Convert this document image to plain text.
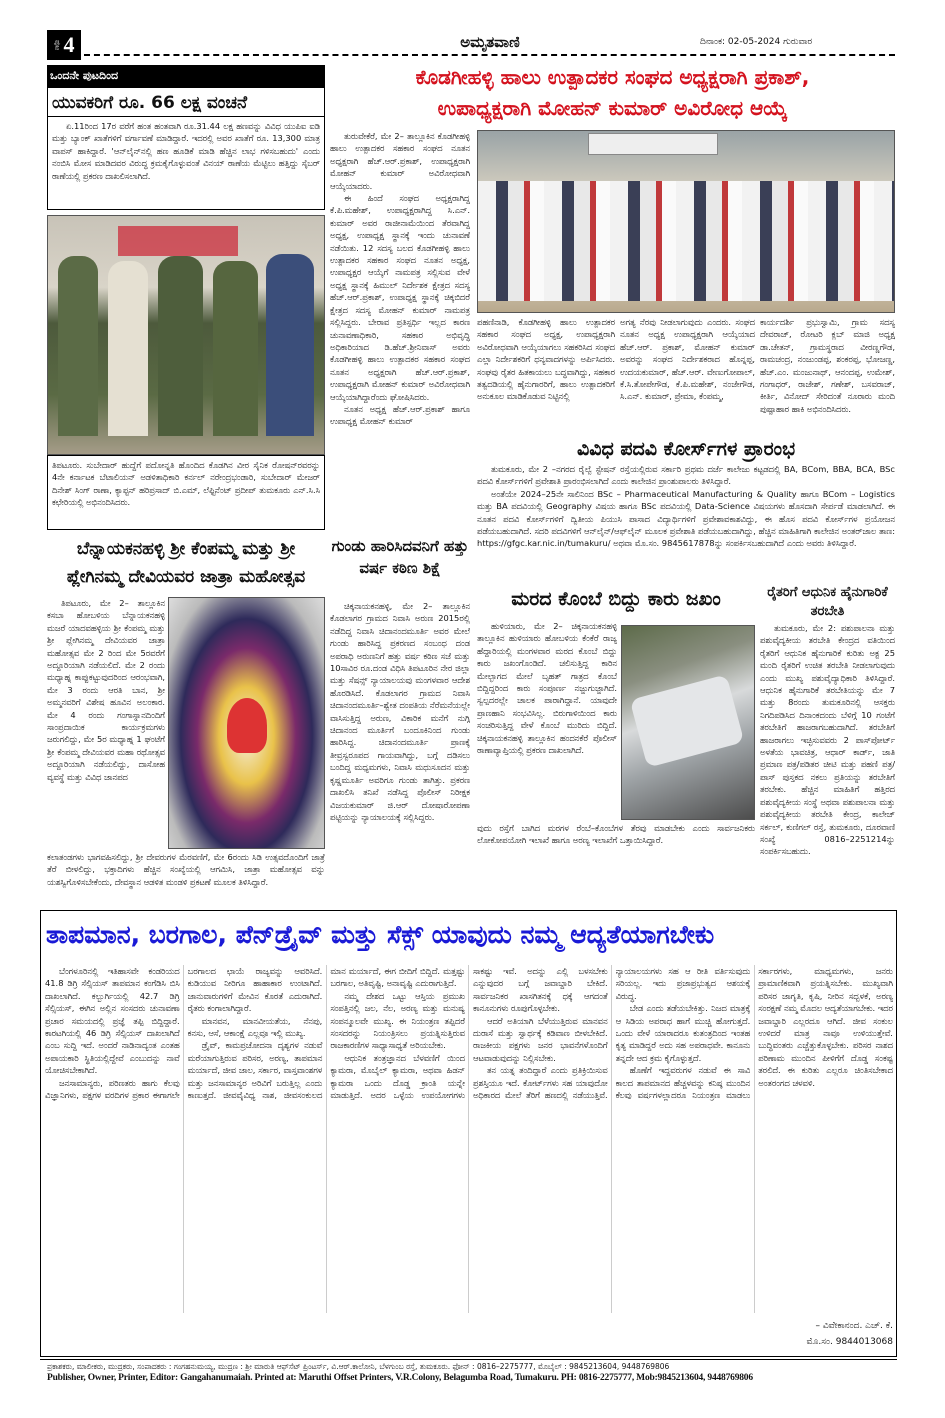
ಪುಟ 4	ಅಮೃತವಾಣಿ	ದಿನಾಂಕ: 02-05-2024 ಗುರುವಾರ
ಒಂದನೇ ಪುಟದಿಂದ
ಯುವಕರಿಗೆ ರೂ. 66 ಲಕ್ಷ ವಂಚನೆ

ಏ.11ರಿಂದ 17ರ ವರೆಗೆ ಹಂತ ಹಂತವಾಗಿ ರೂ.31.44 ಲಕ್ಷ ಹಣವನ್ನು ವಿವಿಧ ಯುಪಿಐ ಐಡಿ ಮತ್ತು ಬ್ಯಾಂಕ್ ಖಾತೆಗಳಿಗೆ ವರ್ಗಾವಣೆ ಮಾಡಿದ್ದಾರೆ. ಇದರಲ್ಲಿ ಅವರ ಖಾತೆಗೆ ರೂ. 13,300 ಮಾತ್ರ ವಾಪಸ್ ಹಾಕಿದ್ದಾರೆ. 'ಆನ್‌ಲೈನ್‌ನಲ್ಲಿ ಹಣ ಹೂಡಿಕೆ ಮಾಡಿ ಹೆಚ್ಚಿನ ಲಾಭ ಗಳಿಸಬಹುದು' ಎಂದು ನಂಬಿಸಿ ಮೋಸ ಮಾಡಿದವರ ವಿರುದ್ಧ ಕ್ರಮಕೈಗೊಳ್ಳುವಂತೆ ವಿನಯ್ ಠಾಣೆಯ ಮೆಟ್ಟಿಲು ಹತ್ತಿದ್ದು ಸೈಬರ್ ಠಾಣೆಯಲ್ಲಿ ಪ್ರಕರಣ ದಾಖಲಿಸಲಾಗಿದೆ.

ತಿಪಟೂರು. ಸುಬೇದಾರ್ ಹುದ್ದೆಗೆ ಪದೋನ್ನತಿ ಹೊಂದಿದ ಕೊಡಗಿನ ವೀರ ಸೈನಿಕ ರೋಷನ್‌ರವರನ್ನು 4ನೇ ಕರ್ನಾಟಕ ಬೆಟಾಲಿಯನ್ ಅಡಳಿತಾಧಿಕಾರಿ ಕರ್ನಲ್ ನರೇಂದ್ರಭಂಡಾರಿ, ಸುಬೇದಾರ್ ಮೇಜರ್ ದಿನೇಶ್ ಸಿಂಗ್ ರಾಣಾ, ಕ್ಯಾಪ್ಟನ್ ಹರಿಪ್ರಸಾದ್ ಬಿ.ಎಮ್, ಲೆಫ್ಟಿನೆಂಟ್ ಪ್ರದೀಪ್ ತುಮಕೂರು ಎನ್.ಸಿ.ಸಿ ಕಛೇರಿಯಲ್ಲಿ ಅಭಿನಂದಿಸಿದರು.

ಬೆನ್ನಾಯಕನಹಳ್ಳಿ ಶ್ರೀ ಕೆಂಪಮ್ಮ ಮತ್ತು ಶ್ರೀ ಪ್ಲೇಗಿನಮ್ಮ ದೇವಿಯವರ ಜಾತ್ರಾ ಮಹೋತ್ಸವ

ತಿಪಟೂರು, ಮೇ 2– ತಾಲ್ಲೂಕಿನ ಕಸಬಾ ಹೋಬಳಿಯ ಬೆನ್ನಾಯಕನಹಳ್ಳಿ ಮಜರೆ ಯಾದವಹಳ್ಳಿಯ ಶ್ರೀ ಕೆಂಪಮ್ಮ ಮತ್ತು ಶ್ರೀ ಪ್ಲೇಗಿನಮ್ಮ ದೇವಿಯವರ ಜಾತ್ರಾ ಮಹೋತ್ಸವ ಮೇ 2 ರಿಂದ ಮೇ 5ರವರೆಗೆ ಅದ್ದೂರಿಯಾಗಿ ನಡೆಯಲಿದೆ. ಮೇ 2 ರಂದು ಮಧ್ಯಾಹ್ನ ಕಾಪ್ಪುಕಟ್ಟುವುದರಿಂದ ಆರಂಭವಾಗಿ, ಮೇ 3 ರಂದು ಆರತಿ ಬಾನ, ಶ್ರೀ ಅಮ್ಮನವರಿಗೆ ವಿಶೇಷ ಹೂವಿನ ಅಲಂಕಾರ. ಮೇ 4 ರಂದು ಗಂಗಾಸ್ನಾನದಿಂದಿಗೆ ಸಾಂಪ್ರದಾಯಿಕ ಕಾರ್ಯಕ್ರಮಗಳು ಜರುಗಲಿದ್ದು, ಮೇ 5ರ ಮಧ್ಯಾಹ್ನ 1 ಘಂಟೆಗೆ ಶ್ರೀ ಕೆಂಪಮ್ಮ ದೇವಿಯವರ ಮಹಾ ರಥೋತ್ಸವ ಅದ್ದೂರಿಯಾಗಿ ನಡೆಯಲಿದ್ದು, ದಾಸೋಹ ವ್ಯವಸ್ಥೆ ಮತ್ತು ವಿವಿಧ ಜಾನಪದ

ಕಲಾತಂಡಗಳು ಭಾಗವಹಿಸಲಿದ್ದು, ಶ್ರೀ ದೇವರುಗಳ ಮೆರವಣಿಗೆ, ಮೇ 6ರಂದು ಸಿಡಿ ಉತ್ಸವದೊಂದಿಗೆ ಜಾತ್ರೆ ತೆರೆ ಬೀಳಲಿದ್ದು, ಭಕ್ತಾದಿಗಳು ಹೆಚ್ಚಿನ ಸಂಖ್ಯೆಯಲ್ಲಿ ಆಗಮಿಸಿ, ಜಾತ್ರಾ ಮಹೋತ್ಸವ ವನ್ನು ಯಶಸ್ವಿಗೊಳಿಸಬೇಕೆಂದು, ದೇವಸ್ಥಾನ ಆಡಳಿತ ಮಂಡಳಿ ಪ್ರಕಟಣೆ ಮೂಲಕ ತಿಳಿಸಿದ್ದಾರೆ.

ಕೊಡಗೀಹಳ್ಳಿ ಹಾಲು ಉತ್ಪಾದಕರ ಸಂಘದ ಅಧ್ಯಕ್ಷರಾಗಿ ಪ್ರಕಾಶ್,
ಉಪಾಧ್ಯಕ್ಷರಾಗಿ ಮೋಹನ್ ಕುಮಾರ್ ಅವಿರೋಧ ಆಯ್ಕೆ

ತುರುವೇಕೆರೆ, ಮೇ 2– ತಾಲ್ಲೂಕಿನ ಕೊಡಗೀಹಳ್ಳಿ ಹಾಲು ಉತ್ಪಾದಕರ ಸಹಕಾರ ಸಂಘದ ನೂತನ ಅಧ್ಯಕ್ಷರಾಗಿ ಹೆಚ್.ಆರ್.ಪ್ರಕಾಶ್, ಉಪಾಧ್ಯಕ್ಷರಾಗಿ ಮೋಹನ್ ಕುಮಾರ್ ಅವಿರೋಧವಾಗಿ ಆಯ್ಕೆಯಾದರು.

ಈ ಹಿಂದೆ ಸಂಘದ ಅಧ್ಯಕ್ಷರಾಗಿದ್ದ ಕೆ.ಪಿ.ಮಹೇಶ್, ಉಪಾಧ್ಯಕ್ಷರಾಗಿದ್ದ ಸಿ.ಎನ್. ಕುಮಾರ್ ಅವರ ರಾಜೀನಾಮೆಯಿಂದ ತೆರವಾಗಿದ್ದ ಅಧ್ಯಕ್ಷ, ಉಪಾಧ್ಯಕ್ಷ ಸ್ಥಾನಕ್ಕೆ ಇಂದು ಚುನಾವಣೆ ನಡೆಯಿತು. 12 ಸದಸ್ಯ ಬಲದ ಕೊಡಗೀಹಳ್ಳಿ ಹಾಲು ಉತ್ಪಾದಕರ ಸಹಕಾರ ಸಂಘದ ನೂತನ ಅಧ್ಯಕ್ಷ, ಉಪಾಧ್ಯಕ್ಷರ ಆಯ್ಕೆಗೆ ನಾಮಪತ್ರ ಸಲ್ಲಿಸುವ ವೇಳೆ ಅಧ್ಯಕ್ಷ ಸ್ಥಾನಕ್ಕೆ ಹಿಮುಲ್ ನಿರ್ದೇಶಕ ಕ್ಷೇತ್ರದ ಸದಸ್ಯ ಹೆಚ್.ಆರ್.ಪ್ರಕಾಶ್, ಉಪಾಧ್ಯಕ್ಷ ಸ್ಥಾನಕ್ಕೆ ಚಿಕ್ಕಬಿದರೆ ಕ್ಷೇತ್ರದ ಸದಸ್ಯ ಮೋಹನ್ ಕುಮಾರ್ ನಾಮಪತ್ರ ಸಲ್ಲಿಸಿದ್ದರು. ಬೇರಾವ ಪ್ರತಿಸ್ಪರ್ಧಿ ಇಲ್ಲದ ಕಾರಣ ಚುನಾವಣಾಧಿಕಾರಿ, ಸಹಕಾರ ಅಭಿವೃದ್ಧಿ ಅಧಿಕಾರಿಯಾದ ಡಿ.ಹೆಚ್.ಶ್ರೀನಿವಾಸ್ ಅವರು ಕೊಡಗೀಹಳ್ಳಿ ಹಾಲು ಉತ್ಪಾದಕರ ಸಹಕಾರ ಸಂಘದ ನೂತನ ಅಧ್ಯಕ್ಷರಾಗಿ ಹೆಚ್.ಆರ್.ಪ್ರಕಾಶ್, ಉಪಾಧ್ಯಕ್ಷರಾಗಿ ಮೋಹನ್ ಕುಮಾರ್ ಅವಿರೋಧವಾಗಿ ಆಯ್ಕೆಯಾಗಿದ್ದಾರೆಂದು ಘೋಷಿಸಿದರು.

ನೂತನ ಅಧ್ಯಕ್ಷ ಹೆಚ್.ಆರ್.ಪ್ರಕಾಶ್ ಹಾಗೂ ಉಪಾಧ್ಯಕ್ಷ ಮೋಹನ್ ಕುಮಾರ್

ಗುಂಡು ಹಾರಿಸಿದವನಿಗೆ ಹತ್ತು ವರ್ಷ ಕಠಿಣ ಶಿಕ್ಷೆ

ಚಿಕ್ಕನಾಯಕನಹಳ್ಳಿ, ಮೇ 2– ತಾಲ್ಲೂಕಿನ ಕೊಡಲಾಗರ ಗ್ರಾಮದ ನಿವಾಸಿ ಅರುಣ 2015ರಲ್ಲಿ ನಡೆದಿದ್ದ ನಿವಾಸಿ ಚಿದಾನಂದಮೂರ್ತಿ ಅವರ ಮೇಲೆ ಗುಂಡು ಹಾರಿಸಿದ್ದ ಪ್ರಕರಣದ ಸಂಬಂಧ ದಂಡ ಅಪರಾಧಿ ಅರುಣನಿಗೆ ಹತ್ತು ವರ್ಷ ಕಠಿಣ ಸಜೆ ಮತ್ತು 10ಸಾವಿರ ರೂ.ದಂಡ ವಿಧಿಸಿ ತಿಪಟೂರಿನ ನೇರ ಜಿಲ್ಲಾ ಮತ್ತು ಸೆಷನ್ಸ್ ನ್ಯಾಯಾಲಯವು ಮಂಗಳವಾರ ಆದೇಶ ಹೊರಡಿಸಿದೆ. ಕೊಡಲಾಗರ ಗ್ರಾಮದ ನಿವಾಸಿ ಚಿದಾನಂದಮೂರ್ತಿ–ಶ್ವೇತ ದಂಪತಿಯ ನೆರೆಮನೆಯಲ್ಲೇ ವಾಸಿಸುತ್ತಿದ್ದ ಅರುಣ, ವಿಕಾರಿಕ ಮನೆಗೆ ನುಗ್ಗಿ ಚಿದಾನಂದ ಮೂರ್ತಿಗೆ ಬಂದೂಕಿನಿಂದ ಗುಂಡು ಹಾರಿಸಿದ್ದ. ಚಿದಾನಂದಮೂರ್ತಿ ಪ್ರಾಣಕ್ಕೆ ತೀವ್ರಸ್ವರೂಪದ ಗಾಯವಾಗಿದ್ದು, ಬಗ್ಗೆ ದಡಿಸಲು ಬಂದಿದ್ದ ಮಧ್ಯಮಗಳು, ನಿವಾಸಿ ಮಧುಸೂದನ ಮತ್ತು ಕೃಷ್ಣಮೂರ್ತಿ ಅವರಿಗೂ ಗುಂಡು ತಾಗಿತ್ತು. ಪ್ರಕರಣ ದಾಖಲಿಸಿ ತನಿಖೆ ನಡೆಸಿದ್ದ ಪೊಲೀಸ್ ನಿರೀಕ್ಷಕ ವಿಜಯಕುಮಾರ್ ಜಿ.ಆರ್ ದೋಷಾರೋಪಣಾ ಪಟ್ಟಿಯನ್ನು ನ್ಯಾಯಾಲಯಕ್ಕೆ ಸಲ್ಲಿಸಿದ್ದರು.

ಪಹಣಿನಾಡಿ, ಕೊಡಗೀಹಳ್ಳಿ ಹಾಲು ಉತ್ಪಾದಕರ ಸಹಕಾರ ಸಂಘದ ಅಧ್ಯಕ್ಷ, ಉಪಾಧ್ಯಕ್ಷರಾಗಿ ಅವಿರೋಧವಾಗಿ ಆಯ್ಕೆಯಾಗಲು ಸಹಕರಿಸಿದ ಸಂಘದ ಎಲ್ಲಾ ನಿರ್ದೇಶಕರಿಗೆ ಧನ್ಯವಾದಗಳನ್ನು ಅರ್ಪಿಸಿದರು. ಸಂಘವು ರೈತರ ಹಿತಕಾಯಲು ಬದ್ಧವಾಗಿದ್ದು, ಸಹಕಾರ ತತ್ವದಡಿಯಲ್ಲಿ ಹೈನುಗಾರರಿಗೆ, ಹಾಲು ಉತ್ಪಾದಕರಿಗೆ ಅನುಕೂಲ ಮಾಡಿಕೊಡುವ ನಿಟ್ಟಿನಲ್ಲಿ

ಅಗತ್ಯ ನೆರವು ನೀಡಲಾಗುವುದು ಎಂದರು. ಸಂಘದ ನೂತನ ಅಧ್ಯಕ್ಷ ಉಪಾಧ್ಯಕ್ಷರಾಗಿ ಆಯ್ಕೆಯಾದ ಹೆಚ್.ಆರ್. ಪ್ರಕಾಶ್, ಮೋಹನ್ ಕುಮಾರ್ ಅವರನ್ನು ಸಂಘದ ನಿರ್ದೇಶಕರಾದ ಹೊನ್ನಪ್ಪ, ಉದಯಕುಮಾರ್, ಹೆಚ್.ಆರ್. ವೇಣುಗೋಪಾಲ್, ಕೆ.ಸಿ.ತೋಪೇಗೌಡ, ಕೆ.ಪಿ.ಮಹೇಶ್, ನಂಜೇಗೌಡ, ಸಿ.ಎನ್. ಕುಮಾರ್, ಪ್ರೇಮಾ, ಕೆಂಪಮ್ಮ,

ಕಾರ್ಯದರ್ಶಿ ಪ್ರಭುಸ್ವಾಮಿ, ಗ್ರಾಮ ಸದಸ್ಯ ದೇವರಾಜ್, ರೋಟರಿ ಕ್ಲಬ್ ಮಾಜಿ ಅಧ್ಯಕ್ಷ ಡಾ.ಚೇತನ್, ಗ್ರಾಮಸ್ಥರಾದ ವೀರಣ್ಣಗೌಡ, ರಾಮಚಂದ್ರ, ನಂಜುಂಡಪ್ಪ, ಶಂಕರಪ್ಪ, ಭೋಜಣ್ಣ, ಹೆಚ್.ಎಂ. ಮಂಜುನಾಥ್, ಆನಂದಪ್ಪ, ಉಮೇಶ್, ಗಂಗಾಧರ್, ರಾಜೇಶ್, ಗಣೇಶ್, ಬಸವರಾಜ್, ಕೀರ್ತಿ, ವಿನೋದ್ ಸೇರಿದಂತೆ ನೂರಾರು ಮಂದಿ ಪುಷ್ಪಾಹಾರ ಹಾಕಿ ಅಭಿನಂದಿಸಿದರು.

ವಿವಿಧ ಪದವಿ ಕೋರ್ಸ್‌ಗಳ ಪ್ರಾರಂಭ

ತುಮಕೂರು, ಮೇ 2 –ನಗರದ ರೈಲ್ವೆ ಸ್ಟೇಷನ್ ರಸ್ತೆಯಲ್ಲಿರುವ ಸರ್ಕಾರಿ ಪ್ರಥಮ ದರ್ಜೆ ಕಾಲೇಜು ಕಟ್ಟಡದಲ್ಲಿ BA, BCom, BBA, BCA, BSc ಪದವಿ ಕೋರ್ಸ್‌ಗಳಿಗೆ ಪ್ರವೇಶಾತಿ ಪ್ರಾರಂಭಿಸಲಾಗಿದೆ ಎಂದು ಕಾಲೇಜಿನ ಪ್ರಾಂಶುಪಾಲರು ತಿಳಿಸಿದ್ದಾರೆ.

ಅಂತೆಯೇ 2024–25ನೇ ಸಾಲಿನಿಂದ BSc – Pharmaceutical Manufacturing & Quality ಹಾಗೂ BCom – Logistics ಮತ್ತು BA ಪದವಿಯಲ್ಲಿ Geography ವಿಷಯ ಹಾಗೂ BSc ಪದವಿಯಲ್ಲಿ Data-Science ವಿಷಯಗಳು ಹೊಸದಾಗಿ ಸೇರ್ಪಡೆ ಮಾಡಲಾಗಿದೆ. ಈ ನೂತನ ಪದವಿ ಕೋರ್ಸ್‌ಗಳಿಗೆ ದ್ವಿತೀಯ ಪಿಯುಸಿ ಪಾಸಾದ ವಿದ್ಯಾರ್ಥಿಗಳಿಗೆ ಪ್ರವೇಶಾವಕಾಶವಿದ್ದು, ಈ ಹೊಸ ಪದವಿ ಕೋರ್ಸ್‌ಗಳ ಪ್ರಯೋಜನ ಪಡೆಯಬಹುದಾಗಿದೆ. ಸದರಿ ಪದವಿಗಳಿಗೆ ಆನ್‌ಲೈನ್/ಆಫ್‌ಲೈನ್ ಮೂಲಕ ಪ್ರವೇಶಾತಿ ಪಡೆಯಬಹುದಾಗಿದ್ದು, ಹೆಚ್ಚಿನ ಮಾಹಿತಿಗಾಗಿ ಕಾಲೇಜಿನ ಅಂತರ್‌ಜಾಲ ತಾಣ: https://gfgc.kar.nic.in/tumakuru/ ಅಥವಾ ಮೊ.ಸಂ. 9845617878ನ್ನು ಸಂಪರ್ಕಿಸಬಹುದಾಗಿದೆ ಎಂದು ಅವರು ತಿಳಿಸಿದ್ದಾರೆ.

ಮರದ ಕೊಂಬೆ ಬಿದ್ದು ಕಾರು ಜಖಂ

ಹುಳಿಯಾರು, ಮೇ 2– ಚಿಕ್ಕನಾಯಕನಹಳ್ಳಿ ತಾಲ್ಲೂಕಿನ ಹುಳಿಯಾರು ಹೋಬಳಿಯ ಕೆಂಕೆರೆ ರಾಜ್ಯ ಹೆದ್ದಾರಿಯಲ್ಲಿ ಮಂಗಳವಾರ ಮರದ ಕೊಂಬೆ ಬಿದ್ದು ಕಾರು ಜಖಂಗೊಂಡಿದೆ. ಚಲಿಸುತ್ತಿದ್ದ ಕಾರಿನ ಮೇಲ್ಭಾಗದ ಮೇಲೆ ಬೃಹತ್ ಗಾತ್ರದ ಕೊಂಬೆ ಬಿದ್ದಿದ್ದರಿಂದ ಕಾರು ಸಂಪೂರ್ಣ ನಜ್ಜುಗುಜ್ಜಾಗಿದೆ. ಸ್ವಲ್ಪದರಲ್ಲೇ ಚಾಲಕ ಪಾರಾಗಿದ್ದಾನೆ. ಯಾವುದೇ ಪ್ರಾಣಹಾನಿ ಸಂಭವಿಸಿಲ್ಲ. ಬಿರುಗಾಳಿಯಿಂದ ಕಾರು ಸಂಚರಿಸುತ್ತಿದ್ದ ವೇಳೆ ಕೊಂಬೆ ಮುರಿದು ಬಿದ್ದಿದೆ. ಚಿಕ್ಕನಾಯಕನಹಳ್ಳಿ ತಾಲ್ಲೂಕಿನ ಹಂದನಕೆರೆ ಪೊಲೀಸ್ ಠಾಣಾವ್ಯಾಪ್ತಿಯಲ್ಲಿ ಪ್ರಕರಣ ದಾಖಲಾಗಿದೆ.

ವುದು ರಸ್ತೆಗೆ ಬಾಗಿದ ಮರಗಳ ರೆಂಬೆ–ಕೊಂಬೆಗಳ ತೆರವು ಮಾಡಬೇಕು ಎಂದು ಸಾರ್ವಜನಿಕರು ಲೋಕೋಪಯೋಗಿ ಇಲಾಖೆ ಹಾಗೂ ಅರಣ್ಯ ಇಲಾಖೆಗೆ ಒತ್ತಾಯಿಸಿದ್ದಾರೆ.

ರೈತರಿಗೆ ಆಧುನಿಕ ಹೈನುಗಾರಿಕೆ ತರಬೇತಿ

ತುಮಕೂರು, ಮೇ 2: ಪಶುಪಾಲನಾ ಮತ್ತು ಪಶುವೈದ್ಯಕೀಯ ತರಬೇತಿ ಕೇಂದ್ರದ ವತಿಯಿಂದ ರೈತರಿಗೆ ಆಧುನಿಕ ಹೈನುಗಾರಿಕೆ ಕುರಿತು ಅಕ್ಟ 25 ಮಂದಿ ರೈತರಿಗೆ ಉಚಿತ ತರಬೇತಿ ನೀಡಲಾಗುವುದು ಎಂದು ಮುಖ್ಯ ಪಶುವೈದ್ಯಾಧಿಕಾರಿ ತಿಳಿಸಿದ್ದಾರೆ. ಆಧುನಿಕ ಹೈನುಗಾರಿಕೆ ತರಬೇತಿಯನ್ನು ಮೇ 7 ಮತ್ತು 8ರಂದು ತುಮಕೂರಿನಲ್ಲಿ ಆಸಕ್ತರು ನಿಗದಿಪಡಿಸಿದ ದಿನಾಂಕದಂದು ಬೆಳಿಗ್ಗೆ 10 ಗಂಟೆಗೆ ತರಬೇತಿಗೆ ಹಾಜರಾಗಬಹುದಾಗಿದೆ. ತರಬೇತಿಗೆ ಹಾಜರಾಗಲು ಇಚ್ಛಿಸುವವರು 2 ಪಾಸ್‌ಪೋರ್ಟ್ ಅಳತೆಯ ಭಾವಚಿತ್ರ, ಆಧಾರ್ ಕಾರ್ಡ್, ಜಾತಿ ಪ್ರಮಾಣ ಪತ್ರ/ಪಡಿತರ ಚೀಟಿ ಮತ್ತು ಪಹಣಿ ಪತ್ರ/ಪಾಸ್ ಪುಸ್ತಕದ ನಕಲು ಪ್ರತಿಯನ್ನು ತರಬೇತಿಗೆ ತರಬೇಕು. ಹೆಚ್ಚಿನ ಮಾಹಿತಿಗೆ ಹತ್ತಿರದ ಪಶುವೈದ್ಯಕೀಯ ಸಂಸ್ಥೆ ಅಥವಾ ಪಶುಪಾಲನಾ ಮತ್ತು ಪಶುವೈದ್ಯಕೀಯ ತರಬೇತಿ ಕೇಂದ್ರ, ಕಾಲೇಜ್ ಸರ್ಕಲ್, ಕುಣಿಗಲ್ ರಸ್ತೆ, ತುಮಕೂರು, ದೂರವಾಣಿ ಸಂಖ್ಯೆ 0816–2251214ನ್ನು ಸಂಪರ್ಕಿಸಬಹುದು.

ತಾಪಮಾನ, ಬರಗಾಲ, ಪೆನ್‌ಡ್ರೈವ್ ಮತ್ತು ಸೆಕ್ಸ್ ಯಾವುದು ನಮ್ಮ ಆದ್ಯತೆಯಾಗಬೇಕು

ಬೆಂಗಳೂರಿನಲ್ಲಿ ಇತಿಹಾಸವೇ ಕಂಡರಿಯದ 41.8 ಡಿಗ್ರಿ ಸೆಲ್ಸಿಯಸ್ ತಾಪಮಾನ ಕಂಗೆಡಿಸಿ ಬಿಸಿ ದಾಖಲಾಗಿದೆ. ಕಲ್ಬುರ್ಗಿಯಲ್ಲಿ 42.7 ಡಿಗ್ರಿ ಸೆಲ್ಸಿಯಸ್, ಈಗಿನ ಅಲ್ಲಿನ ಸಂಸದರು ಚುನಾವಣಾ ಪ್ರಚಾರ ಸಮಯದಲ್ಲಿ ಪ್ರಜ್ಞೆ ತಪ್ಪಿ ಬಿದ್ದಿದ್ದಾರೆ. ಕಾರಟಗಿಯಲ್ಲಿ 46 ಡಿಗ್ರಿ ಸೆಲ್ಸಿಯಸ್ ದಾಖಲಾಗಿದೆ ಎಂಬ ಸುದ್ದಿ ಇದೆ. ಅಂದರೆ ನಾಡಿನಾದ್ಯಂತ ಎಂತಹ ಅಪಾಯಕಾರಿ ಸ್ಥಿತಿಯಲ್ಲಿದ್ದೇವೆ ಎಂಬುದನ್ನು ನಾವೆ ಯೋಚಿಸಬೇಕಾಗಿದೆ.

ಜನಸಾಮಾನ್ಯರು, ಪರಿಣತರು ಹಾಗು ಕೆಲವು ವಿಜ್ಞಾನಿಗಳು, ಪಕ್ಷಗಳ ವರದಿಗಳ ಪ್ರಕಾರ ಈಗಾಗಲೇ ಬರಗಾಲದ ಛಾಯೆ ರಾಜ್ಯವನ್ನು ಆವರಿಸಿದೆ. ಕುಡಿಯುವ ನೀರಿಗೂ ಹಾಹಾಕಾರ ಉಂಟಾಗಿದೆ. ಜಾನುವಾರುಗಳಿಗೆ ಮೇವಿನ ಕೊರತೆ ಎದುರಾಗಿದೆ. ರೈತರು ಕಂಗಾಲಾಗಿದ್ದಾರೆ.

ಮಾನವನ, ಮಾನವೀಯತೆಯ, ನೆನಪು, ಕನಸು, ಆಸೆ, ಆಕಾಂಕ್ಷೆ ಎಲ್ಲವೂ ಇಲ್ಲಿ ಮುಖ್ಯ.

ಡ್ರೈವ್, ಕಾಮಪ್ರಚೋದನಾ ದೃಶ್ಯಗಳ ನಡುವೆ ಮರೆಯಾಗುತ್ತಿರುವ ಪರಿಸರ, ಅರಣ್ಯ, ತಾಪಮಾನ ಮರ್ಯಾದೆ, ಜೀವ ಜಾಲ, ಸರ್ಕಾರ, ವಾಸ್ತವಾಂಶಗಳ ಮತ್ತು ಜನಸಾಮಾನ್ಯರ ಅರಿವಿಗೆ ಬರುತ್ತಿಲ್ಲ ಎಂದು ಕಾಣುತ್ತದೆ. ಜೀವವೈವಿಧ್ಯ ನಾಶ, ಜೀವಸಂಕುಲದ ಮಾನ ಮರ್ಯಾದೆ, ಈಗ ಬೀದಿಗೆ ಬಿದ್ದಿದೆ. ಮತ್ತಷ್ಟು ಬರಗಾಲ, ಅತಿವೃಷ್ಟಿ, ಅನಾವೃಷ್ಟಿ ಎದುರಾಗುತ್ತಿದೆ.

ನಮ್ಮ ದೇಶದ ಒಟ್ಟು ಆಸ್ತಿಯ ಪ್ರಮುಖ ಸಂಪತ್ತಿನಲ್ಲಿ ಜಲ, ನೆಲ, ಅರಣ್ಯ ಮತ್ತು ಮನುಷ್ಯ ಸಂಪನ್ಮೂಲವೇ ಮುಖ್ಯ. ಈ ನಿಯಂತ್ರಣ ತಪ್ಪಿದರೆ ಸಂಸದರನ್ನು ನಿಯಂತ್ರಿಸಲು ಪ್ರಯತ್ನಿಸುತ್ತಿರುವ ರಾಜಕಾರಣಿಗಳ ಸಾಧ್ಯಾಸಾಧ್ಯತೆ ಅರಿಯಬೇಕು.

ಆಧುನಿಕ ತಂತ್ರಜ್ಞಾನದ ಬೆಳವಣಿಗೆ ಯಿಂದ ಕ್ಯಾಮರಾ, ಮೊಬೈಲ್ ಕ್ಯಾಮರಾ, ಅಥವಾ ಹಿಡನ್ ಕ್ಯಾಮರಾ ಒಂದು ದೊಡ್ಡ ಕ್ರಾಂತಿ ಯನ್ನೇ ಮಾಡುತ್ತಿದೆ. ಅದರ ಒಳ್ಳೆಯ ಉಪಯೋಗಗಳು ಸಾಕಷ್ಟು ಇವೆ. ಅದನ್ನು ಎಲ್ಲಿ ಬಳಸಬೇಕು ಎನ್ನುವುದರ ಬಗ್ಗೆ ಜವಾಬ್ದಾರಿ ಬೇಕಿದೆ. ಸಾರ್ವಜನಿಕರ ಖಾಸಗಿತನಕ್ಕೆ ಧಕ್ಕೆ ಆಗದಂತೆ ಕಾನೂನುಗಳು ರೂಪುಗೊಳ್ಳಬೇಕು.

ಆದರೆ ಅತಿಯಾಗಿ ಬೆಳೆಯುತ್ತಿರುವ ಮಾನವನ ದುರಾಸೆ ಮತ್ತು ಸ್ವಾರ್ಥಕ್ಕೆ ಕಡಿವಾಣ ಬೀಳಬೇಕಿದೆ. ರಾಜಕೀಯ ಪಕ್ಷಗಳು ಜನರ ಭಾವನೆಗಳೊಂದಿಗೆ ಆಟವಾಡುವುದನ್ನು ನಿಲ್ಲಿಸಬೇಕು.

ತನ ಯತ್ನ ತಂದಿದ್ದಾರೆ ಎಂದು ಪ್ರತಿಕ್ರಿಯಿಸುವ ಪ್ರಶಸ್ತಿಯೂ ಇದೆ. ಕೋರ್ಟ್‌ಗಳು ಸಹ ಯಾವುದೋ ಅಧಿಕಾರದ ಮೇಲೆ ತೆರಿಗೆ ಹಣದಲ್ಲಿ ನಡೆಯುತ್ತಿವೆ. ನ್ಯಾಯಾಲಯಗಳು ಸಹ ಆ ರೀತಿ ವರ್ತಿಸುವುದು ಸರಿಯಲ್ಲ. ಇದು ಪ್ರಜಾಪ್ರಭುತ್ವದ ಆಶಯಕ್ಕೆ ವಿರುದ್ಧ.

ಬೇಡ ಎಂದು ತಡೆಯಬೇಕಿತ್ತು. ನಿಜದ ಮಾತ್ರಕ್ಕೆ ಆ ಸಿಡಿಯ ಅಪರಾಧ ಹಾಗೆ ಮುಚ್ಚಿ ಹೋಗುತ್ತದೆ. ಒಂದು ವೇಳೆ ಯಾರಾದರೂ ಕುತಂತ್ರದಿಂದ ಇಂತಹ ಕೃತ್ಯ ಮಾಡಿದ್ದರೆ ಅದು ಸಹ ಅಪರಾಧವೇ. ಕಾನೂನು ತನ್ನದೇ ಆದ ಕ್ರಮ ಕೈಗೊಳ್ಳುತ್ತದೆ.

ಹೊಣೆಗೆ ಇದ್ದವರುಗಳ ನಡುವೆ ಈ ಸಾವಿ ಕಾಲದ ತಾಪಮಾನದ ಹೆಚ್ಚಳವನ್ನು ಕನಿಷ್ಠ ಮುಂದಿನ ಕೆಲವು ವರ್ಷಗಳಲ್ಲಾದರೂ ನಿಯಂತ್ರಣ ಮಾಡಲು ಸರ್ಕಾರಗಳು, ಮಾಧ್ಯಮಗಳು, ಜನರು ಪ್ರಾಮಾಣಿಕವಾಗಿ ಪ್ರಯತ್ನಿಸಬೇಕು. ಮುಖ್ಯವಾಗಿ ಪರಿಸರ ಜಾಗೃತಿ, ಕೃಷಿ, ನೀರಿನ ಸದ್ಬಳಕೆ, ಅರಣ್ಯ ಸಂರಕ್ಷಣೆ ನಮ್ಮ ಮೊದಲ ಆದ್ಯತೆಯಾಗಬೇಕು. ಇದರ ಜವಾಬ್ದಾರಿ ಎಲ್ಲರದೂ ಆಗಿದೆ. ಜೀವ ಸಂಕುಲ ಉಳಿದರೆ ಮಾತ್ರ ನಾವೂ ಉಳಿಯುತ್ತೇವೆ. ಬುದ್ಧಿವಂತರು ಎಚ್ಚೆತ್ತುಕೊಳ್ಳಬೇಕು. ಪರಿಸರ ನಾಶದ ಪರಿಣಾಮ ಮುಂದಿನ ಪೀಳಿಗೆಗೆ ದೊಡ್ಡ ಸಂಕಷ್ಟ ತರಲಿದೆ. ಈ ಕುರಿತು ಎಲ್ಲರೂ ಚಿಂತಿಸಬೇಕಾದ ಅಂತರಂಗದ ಚಳವಳಿ.

– ವಿವೇಕಾನಂದ. ಎಚ್. ಕೆ.
ಮೊ.ಸಂ. 9844013068
ಪ್ರಕಾಶಕರು, ಮಾಲೀಕರು, ಮುದ್ರಕರು, ಸಂಪಾದಕರು : ಗಂಗಹನುಮಯ್ಯ, ಮುದ್ರಣ : ಶ್ರೀ ಮಾರುತಿ ಆಫ್‌ಸೆಟ್ ಪ್ರಿಂಟರ್ಸ್, ವಿ.ಆರ್.ಕಾಲೋನಿ, ಬೆಳಗುಂಬ ರಸ್ತೆ, ತುಮಕೂರು. ಫೋನ್ : 0816–2275777, ಮೊಬೈಲ್ : 9845213604, 9448769806
Publisher, Owner, Printer, Editor: Gangahanumaiah. Printed at: Maruthi Offset Printers, V.R.Colony, Belagumba Road, Tumakuru. PH: 0816-2275777, Mob:9845213604, 9448769806
